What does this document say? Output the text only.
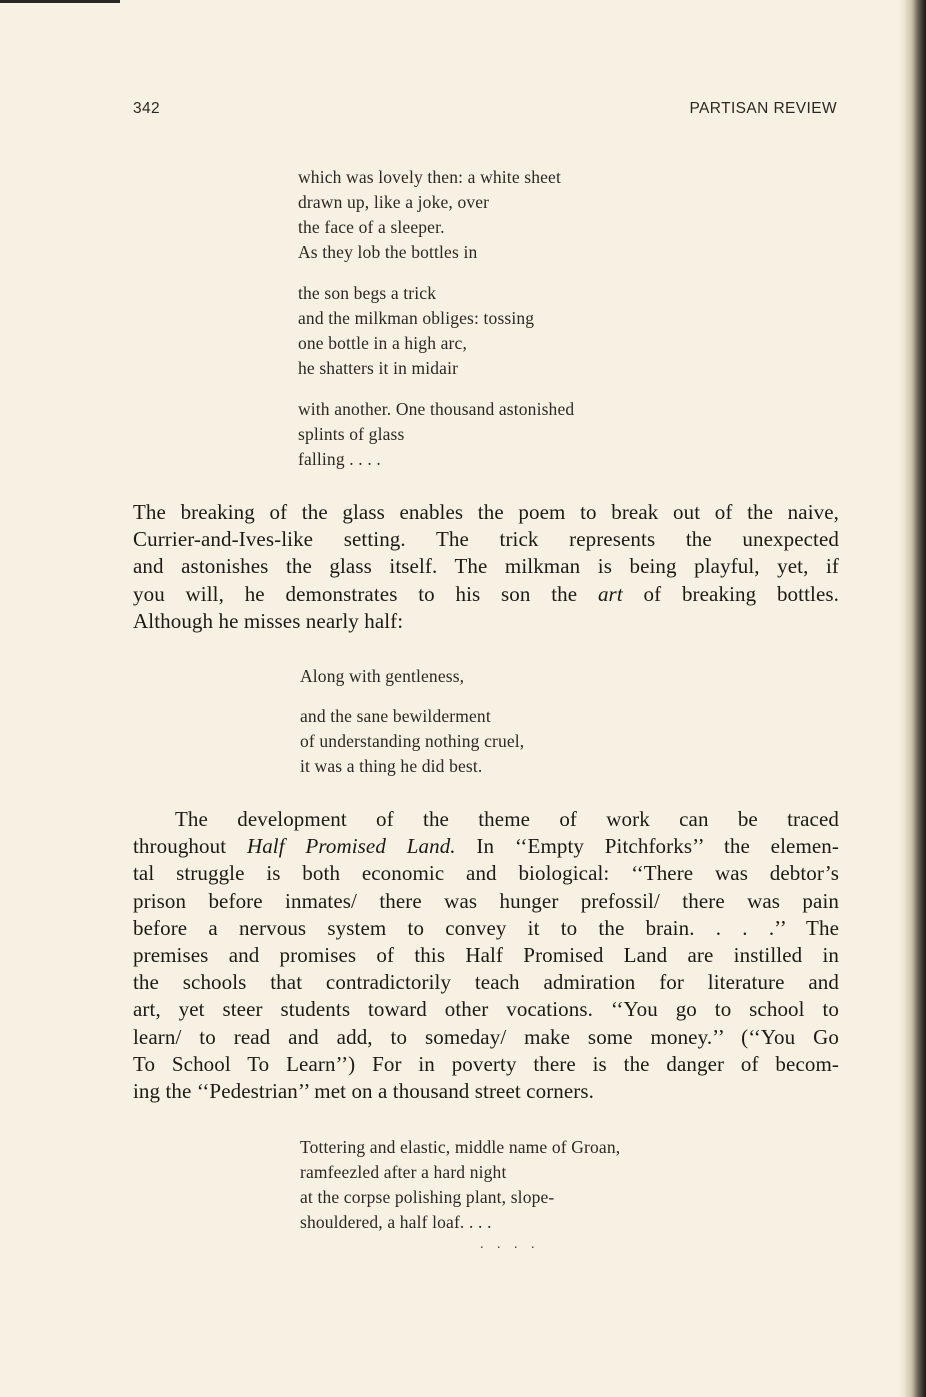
342	PARTISAN REVIEW
which was lovely then: a white sheet
drawn up, like a joke, over
the face of a sleeper.
As they lob the bottles in
the son begs a trick
and the milkman obliges: tossing
one bottle in a high arc,
he shatters it in midair
with another. One thousand astonished
splints of glass
falling . . . .
The breaking of the glass enables the poem to break out of the naive,
Currier-and-Ives-like setting. The trick represents the unexpected
and astonishes the glass itself. The milkman is being playful, yet, if
you will, he demonstrates to his son the art of breaking bottles.
Although he misses nearly half:
Along with gentleness,
and the sane bewilderment
of understanding nothing cruel,
it was a thing he did best.
The development of the theme of work can be traced
throughout Half Promised Land. In ‘‘Empty Pitchforks’’ the elemen-
tal struggle is both economic and biological: ‘‘There was debtor’s
prison before inmates/ there was hunger prefossil/ there was pain
before a nervous system to convey it to the brain. . . .’’ The
premises and promises of this Half Promised Land are instilled in
the schools that contradictorily teach admiration for literature and
art, yet steer students toward other vocations. ‘‘You go to school to
learn/ to read and add, to someday/ make some money.’’ (‘‘You Go
To School To Learn’’) For in poverty there is the danger of becom-
ing the ‘‘Pedestrian’’ met on a thousand street corners.
Tottering and elastic, middle name of Groan,
ramfeezled after a hard night
at the corpse polishing plant, slope-
shouldered, a half loaf. . . .
. . . .
